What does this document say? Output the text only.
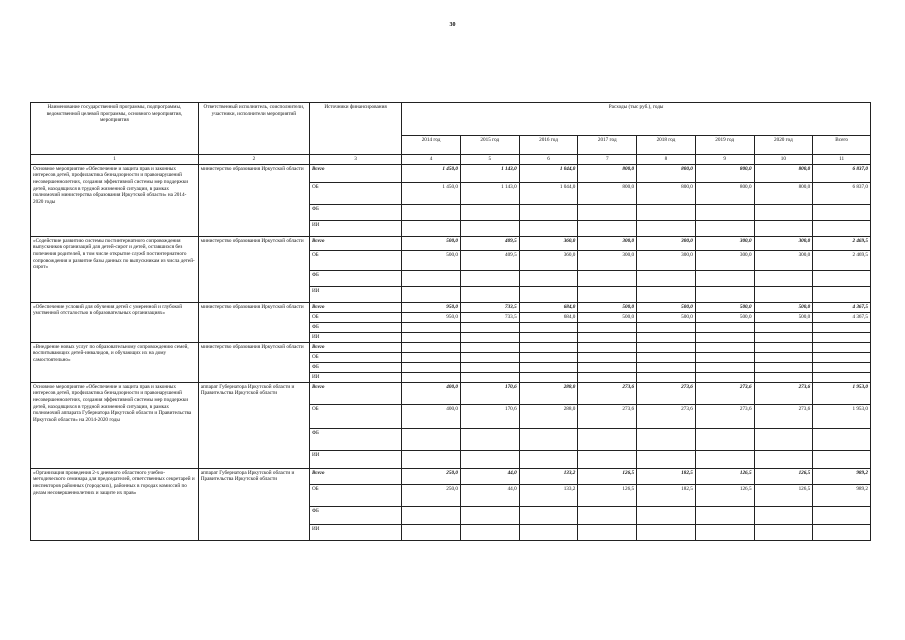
30
Наименование государственной программы, подпрограммы, ведомственной целевой программы, основного мероприятия, мероприятия	Ответственный исполнитель, соисполнители, участники, исполнители мероприятий	Источники финансирования	Расходы (тыс руб.), годы							
			2014 год	2015 год	2016 год	2017 год	2018 год	2019 год	2020 год	Всего
1	2	3	4	5	6	7	8	9	10	11
Основное мероприятие «Обеспечение и защита прав и законных интересов детей, профилактика безнадзорности и правонарушений несовершеннолетних, создания эффективной системы мер поддержки детей, находящихся в трудной жизненной ситуации, в рамках полномочий министерства образования Иркутской области» на 2014-2020 годы	министерство образования Иркутской области	Всего	1 450,0	1 143,0	1 044,0	800,0	800,0	800,0	800,0	6 837,0
		ОБ	1 450,0	1 143,0	1 044,0	800,0	800,0	800,0	800,0	6 837,0
		ФБ								
		ИИ								
«Содействие развитию системы постинтернатного сопровождения выпускников организаций для детей-сирот и детей, оставшихся без попечения родителей, в том числе открытие служб постинтернатного сопровождения и развитие базы данных по выпускникам из числа детей-сирот»	министерство образования Иркутской области	Всего	500,0	409,5	360,0	300,0	300,0	300,0	300,0	2 469,5
		ОБ	500,0	409,5	360,0	300,0	300,0	300,0	300,0	2 469,5
		ФБ								
		ИИ								
«Обеспечение условий для обучения детей с умеренной и глубокой умственной отсталостью в образовательных организациях»	министерство образования Иркутской области	Всего	950,0	733,5	684,0	500,0	500,0	500,0	500,0	4 367,5
		ОБ	950,0	733,5	684,0	500,0	500,0	500,0	500,0	4 367,5
		ФБ								
		ИИ								
«Внедрение новых услуг по образовательному сопровождению семей, воспитывающих детей-инвалидов, и обучающих их на дому самостоятельно»	министерство образования Иркутской области	Всего								
		ОБ								
		ФБ								
		ИИ								
Основное мероприятие «Обеспечение и защита прав и законных интересов детей, профилактика безнадзорности и правонарушений несовершеннолетних, создания эффективной системы мер поддержки детей, находящихся в трудной жизненной ситуации, в рамках полномочий аппарата Губернатора Иркутской области и Правительства Иркутской области» на 2014-2020 годы	аппарат Губернатора Иркутской области и Правительства Иркутской области	Всего	400,0	170,6	288,0	273,6	273,6	273,6	273,6	1 953,0
		ОБ	400,0	170,6	288,0	273,6	273,6	273,6	273,6	1 953,0
		ФБ								
		ИИ								
«Организация проведения 2-х дневного областного учебно-методического семинара для председателей, ответственных секретарей и инспекторов районных (городских), районных в городах комиссий по делам несовершеннолетних и защите их прав»	аппарат Губернатора Иркутской области и Правительства Иркутской области	Всего	250,0	44,0	133,2	126,5	182,5	126,5	126,5	989,2
		ОБ	250,0	44,0	133,2	126,5	182,5	126,5	126,5	989,2
		ФБ								
		ИИ								
